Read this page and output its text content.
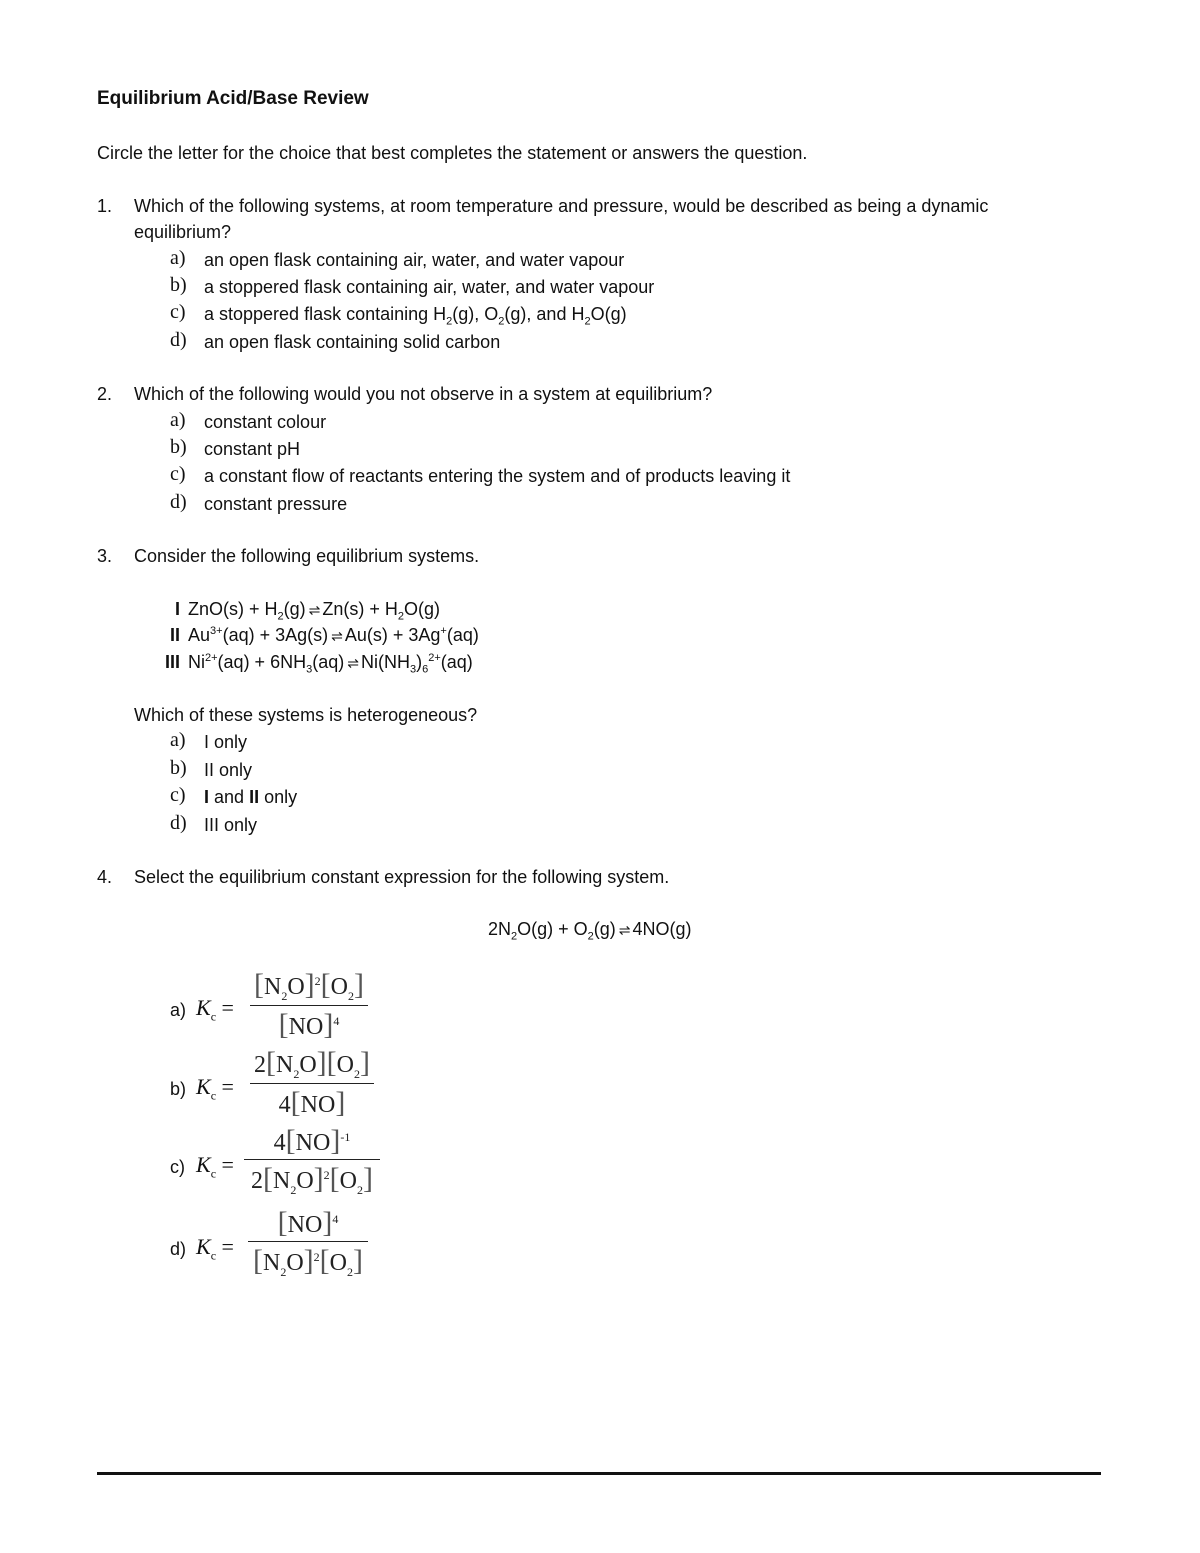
Equilibrium Acid/Base Review
Circle the letter for the choice that best completes the statement or answers the question.
1. Which of the following systems, at room temperature and pressure, would be described as being a dynamic
equilibrium?
a) an open flask containing air, water, and water vapour
b) a stoppered flask containing air, water, and water vapour
c) a stoppered flask containing $H_2(g)$, $O_2(g)$, and $H_2O(g)$
d) an open flask containing solid carbon
2. Which of the following would you not observe in a system at equilibrium?
a) constant colour
b) constant pH
c) a constant flow of reactants entering the system and of products leaving it
d) constant pressure
3. Consider the following equilibrium systems.
I $ZnO(s) + H_2(g)$ ⇌ $Zn(s) + H_2O(g)$
II $Au^{3+}(aq) + 3Ag(s)$ ⇌ Au(s) + 3Ag+(aq)
III $Ni^{2+}(aq) + 6NH_3(aq)$ ⇌ $Ni(NH_3)_6^{2+}(aq)$
Which of these systems is heterogeneous?
a) I only
b) II only
c) I and II only
d) III only
4. Select the equilibrium constant expression for the following system.
$2N_2O(g) + O_2(g)$ ⇌ 4NO(g)
a) $K_c$ =
$[N_2O]^2[O_2]$
[NO]$^4$
b) $K_c$ =
$2[N_2O][O_2]$
4[NO]
c) $K_c$ =
4[NO]$^{-1}$
$2[N_2O]^2[O_2]$
d) $K_c$ =
[NO]$^4$
$[N_2O]^2[O_2]$
